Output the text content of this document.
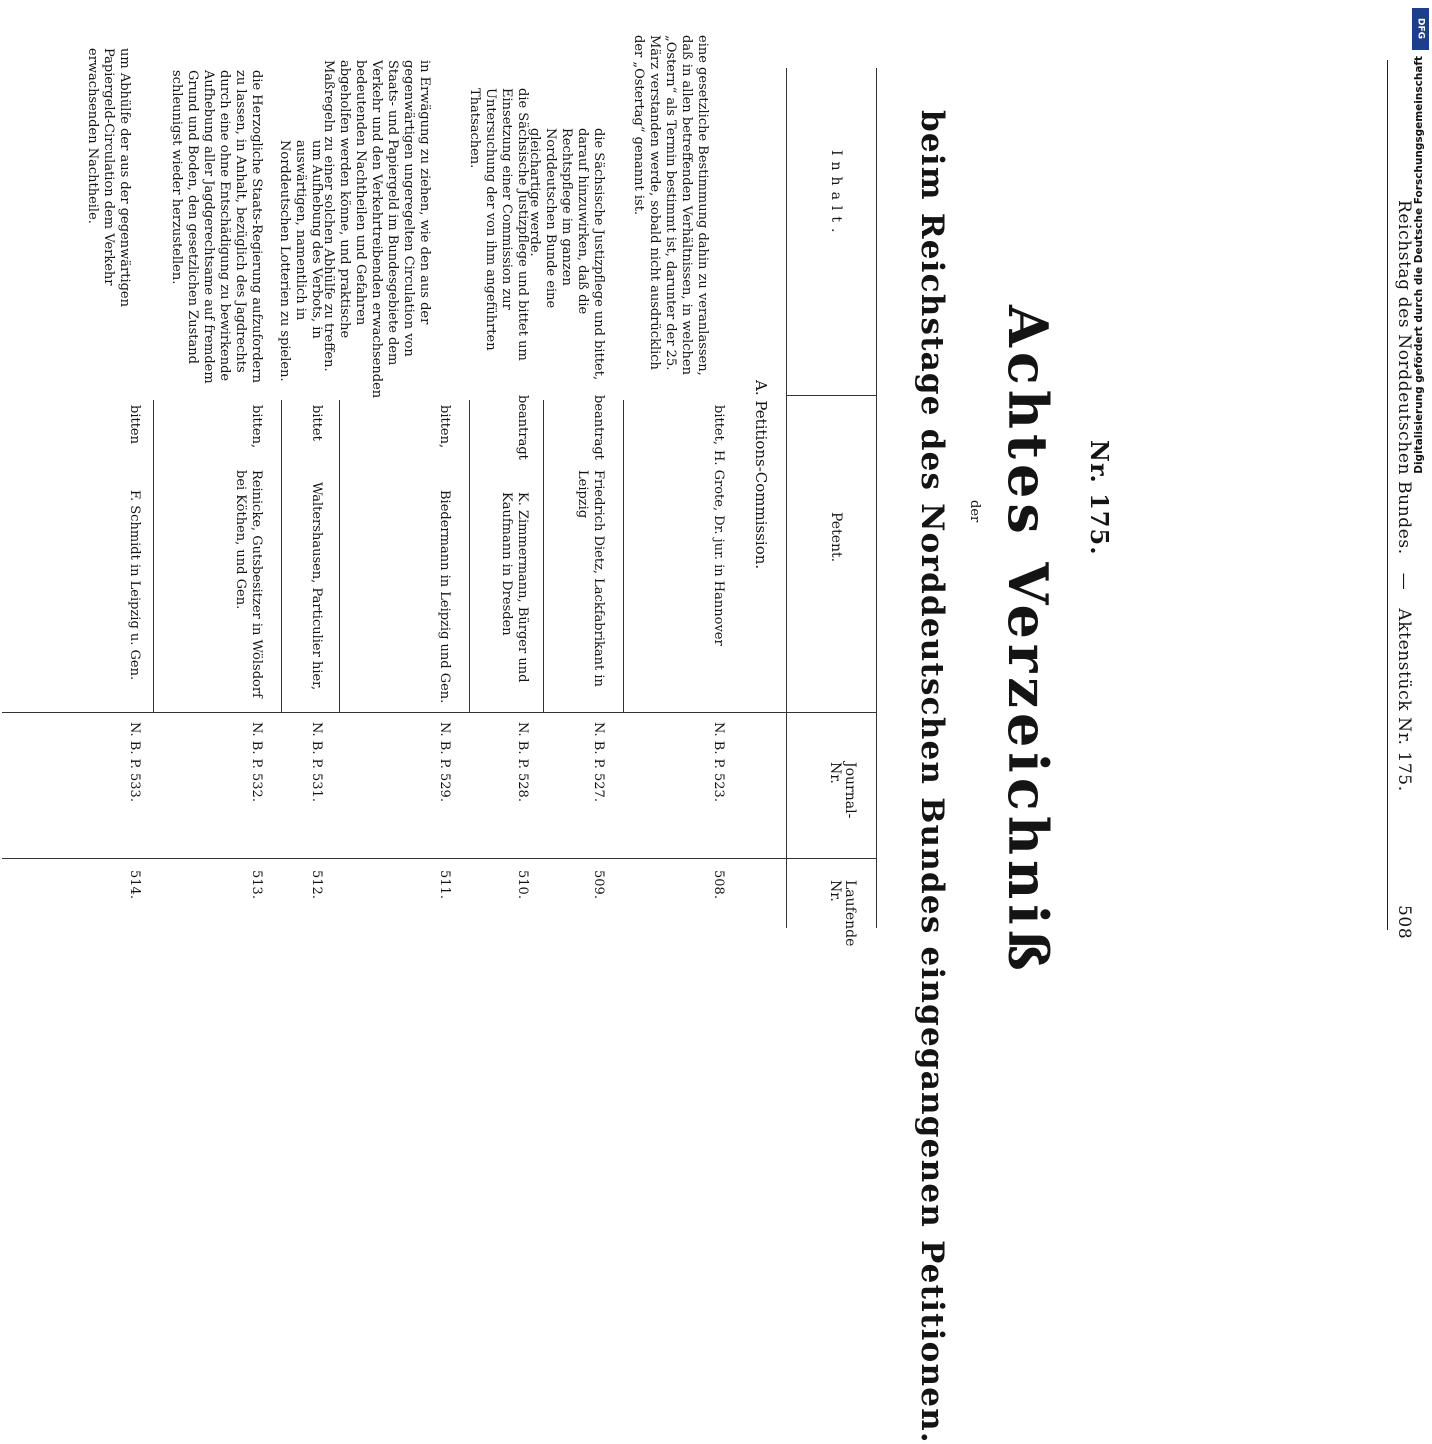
508
Reichstag des Norddeutschen Bundes. — Aktenstück Nr. 175.
Nr. 175.
Achtes Verzeichniß
der
beim Reichstage des Norddeutschen Bundes eingegangenen Petitionen.
Laufende Nr.
Journal-Nr.
Petent.
Inhalt.
A. Petitions-Commission.
508.
N. B. P. 523.
H. Grote, Dr. jur. in Hannover
bittet,
eine gesetzliche Bestimmung dahin zu veranlassen, daß in allen betreffenden Verhältnissen, in welchen „Ostern“ als Termin bestimmt ist, darunter der 25. März verstanden werde, sobald nicht ausdrücklich der „Ostertag“ genannt ist.
509.
N. B. P. 527.
Friedrich Dietz, Lackfabrikant in Leipzig
beantragt
die Sächsische Justizpflege und bittet, darauf hinzuwirken, daß die Rechtspflege im ganzen Norddeutschen Bunde eine gleichartige werde.
510.
N. B. P. 528.
K. Zimmermann, Bürger und Kaufmann in Dresden
beantragt
die Sächsische Justizpflege und bittet um Einsetzung einer Commission zur Untersuchung der von ihm angeführten Thatsachen.
511.
N. B. P. 529.
Biedermann in Leipzig und Gen.
bitten,
in Erwägung zu ziehen, wie den aus der gegenwärtigen ungeregelten Circulation von Staats- und Papiergeld im Bundesgebiete dem Verkehr und den Verkehrtreibenden erwachsenden bedeutenden Nachtheilen und Gefahren abgeholfen werden könne, und praktische Maßregeln zu einer solchen Abhülfe zu treffen.
512.
N. B. P. 531.
Waltershausen, Particulier hier,
bittet
um Aufhebung des Verbots, in auswärtigen, namentlich in Norddeutschen Lotterien zu spielen.
513.
N. B. P. 532.
Reinicke, Gutsbesitzer in Wölsdorf bei Köthen, und Gen.
bitten,
die Herzogliche Staats-Regierung aufzufordern zu lassen, in Anhalt, bezüglich des Jagdrechts durch eine ohne Entschädigung zu bewirkende Aufhebung aller Jagdgerechtsame auf fremdem Grund und Boden, den gesetzlichen Zustand schleunigst wieder herzustellen.
514.
N. B. P. 533.
F. Schmidt in Leipzig u. Gen.
bitten
um Abhülfe der aus der gegenwärtigen Papiergeld-Circulation dem Verkehr erwachsenden Nachtheile.
DFG
Digitalisierung gefördert durch die Deutsche Forschungsgemeinschaft
